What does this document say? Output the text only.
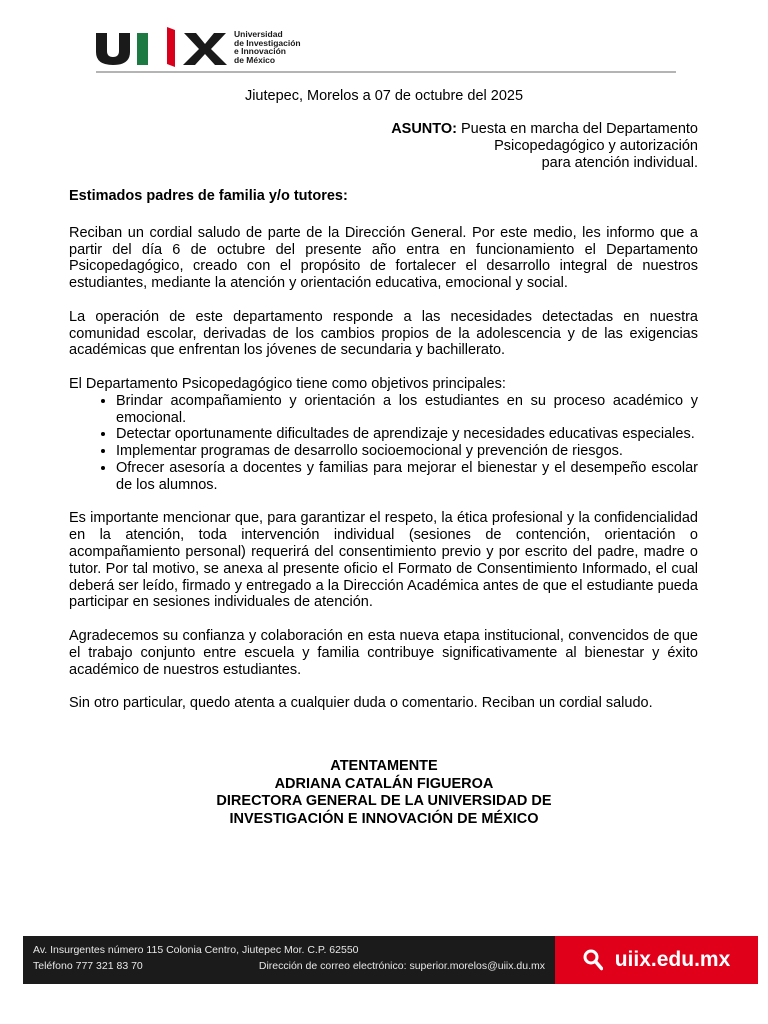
Universidad
de Investigación
e Innovación
de México
Jiutepec, Morelos a 07 de octubre del 2025
ASUNTO: Puesta en marcha del Departamento
Psicopedagógico y autorización
para atención individual.

Estimados padres de familia y/o tutores:

Reciban un cordial saludo de parte de la Dirección General. Por este medio, les informo que a partir del día 6 de octubre del presente año entra en funcionamiento el Departamento Psicopedagógico, creado con el propósito de fortalecer el desarrollo integral de nuestros estudiantes, mediante la atención y orientación educativa, emocional y social.

La operación de este departamento responde a las necesidades detectadas en nuestra comunidad escolar, derivadas de los cambios propios de la adolescencia y de las exigencias académicas que enfrentan los jóvenes de secundaria y bachillerato.

El Departamento Psicopedagógico tiene como objetivos principales:

• Brindar acompañamiento y orientación a los estudiantes en su proceso académico y emocional.
• Detectar oportunamente dificultades de aprendizaje y necesidades educativas especiales.
• Implementar programas de desarrollo socioemocional y prevención de riesgos.
• Ofrecer asesoría a docentes y familias para mejorar el bienestar y el desempeño escolar de los alumnos.

Es importante mencionar que, para garantizar el respeto, la ética profesional y la confidencialidad en la atención, toda intervención individual (sesiones de contención, orientación o acompañamiento personal) requerirá del consentimiento previo y por escrito del padre, madre o tutor. Por tal motivo, se anexa al presente oficio el Formato de Consentimiento Informado, el cual deberá ser leído, firmado y entregado a la Dirección Académica antes de que el estudiante pueda participar en sesiones individuales de atención.

Agradecemos su confianza y colaboración en esta nueva etapa institucional, convencidos de que el trabajo conjunto entre escuela y familia contribuye significativamente al bienestar y éxito académico de nuestros estudiantes.

Sin otro particular, quedo atenta a cualquier duda o comentario. Reciban un cordial saludo.

ATENTAMENTE
ADRIANA CATALÁN FIGUEROA
DIRECTORA GENERAL DE LA UNIVERSIDAD DE
INVESTIGACIÓN E INNOVACIÓN DE MÉXICO
Av. Insurgentes número 115 Colonia Centro, Jiutepec Mor. C.P. 62550
Teléfono 777 321 83 70	Dirección de correo electrónico: superior.morelos@uiix.du.mx	uiix.edu.mx
